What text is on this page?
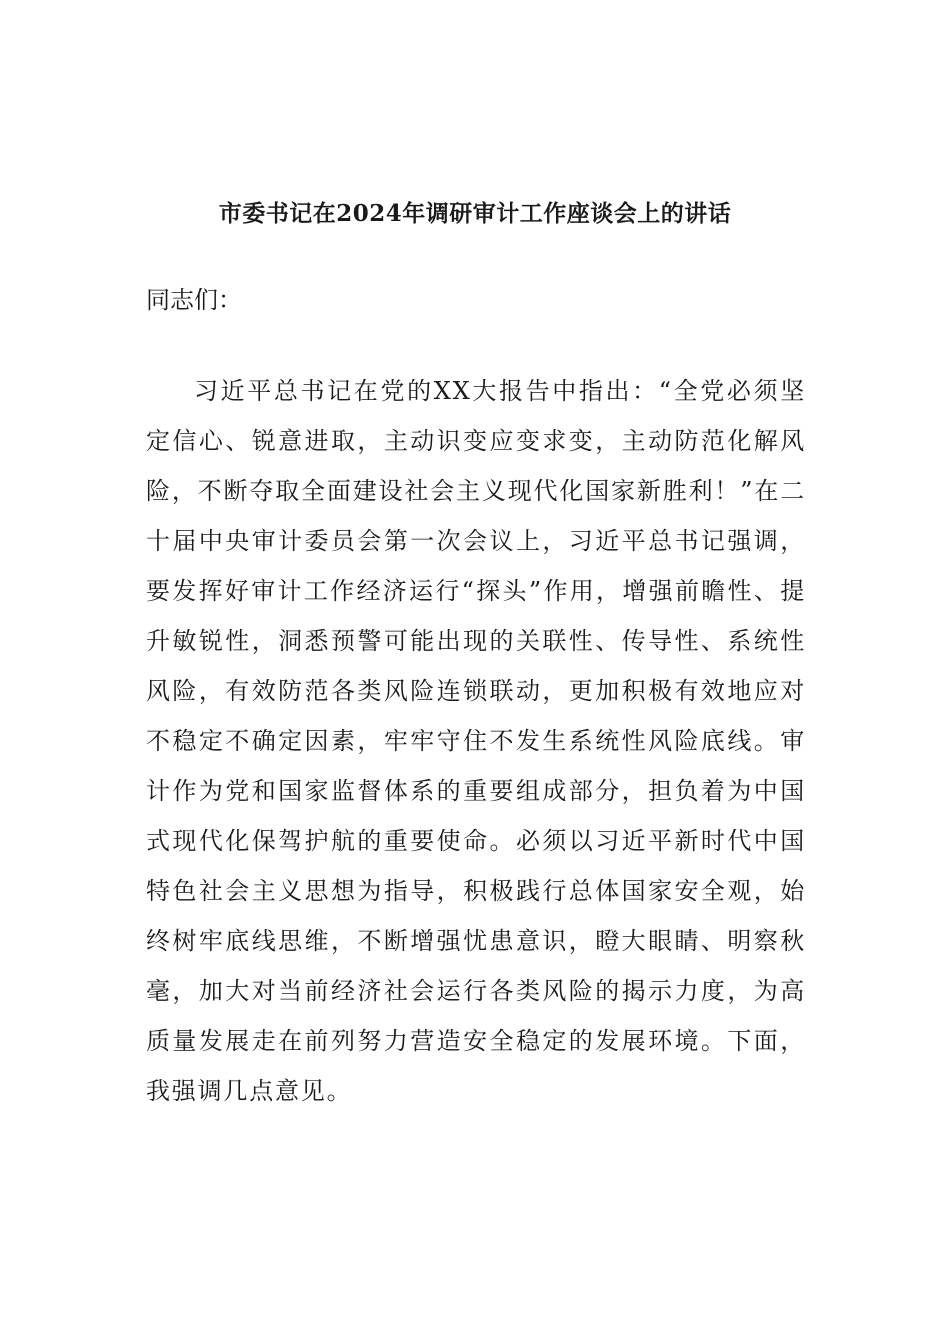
市委书记在2024年调研审计工作座谈会上的讲话

同志们：

习近平总书记在党的XX大报告中指出：“全党必须坚定信心、锐意进取，主动识变应变求变，主动防范化解风险，不断夺取全面建设社会主义现代化国家新胜利！”在二十届中央审计委员会第一次会议上，习近平总书记强调，要发挥好审计工作经济运行“探头”作用，增强前瞻性、提升敏锐性，洞悉预警可能出现的关联性、传导性、系统性风险，有效防范各类风险连锁联动，更加积极有效地应对不稳定不确定因素，牢牢守住不发生系统性风险底线。审计作为党和国家监督体系的重要组成部分，担负着为中国式现代化保驾护航的重要使命。必须以习近平新时代中国特色社会主义思想为指导，积极践行总体国家安全观，始终树牢底线思维，不断增强忧患意识，瞪大眼睛、明察秋毫，加大对当前经济社会运行各类风险的揭示力度，为高质量发展走在前列努力营造安全稳定的发展环境。下面，我强调几点意见。
